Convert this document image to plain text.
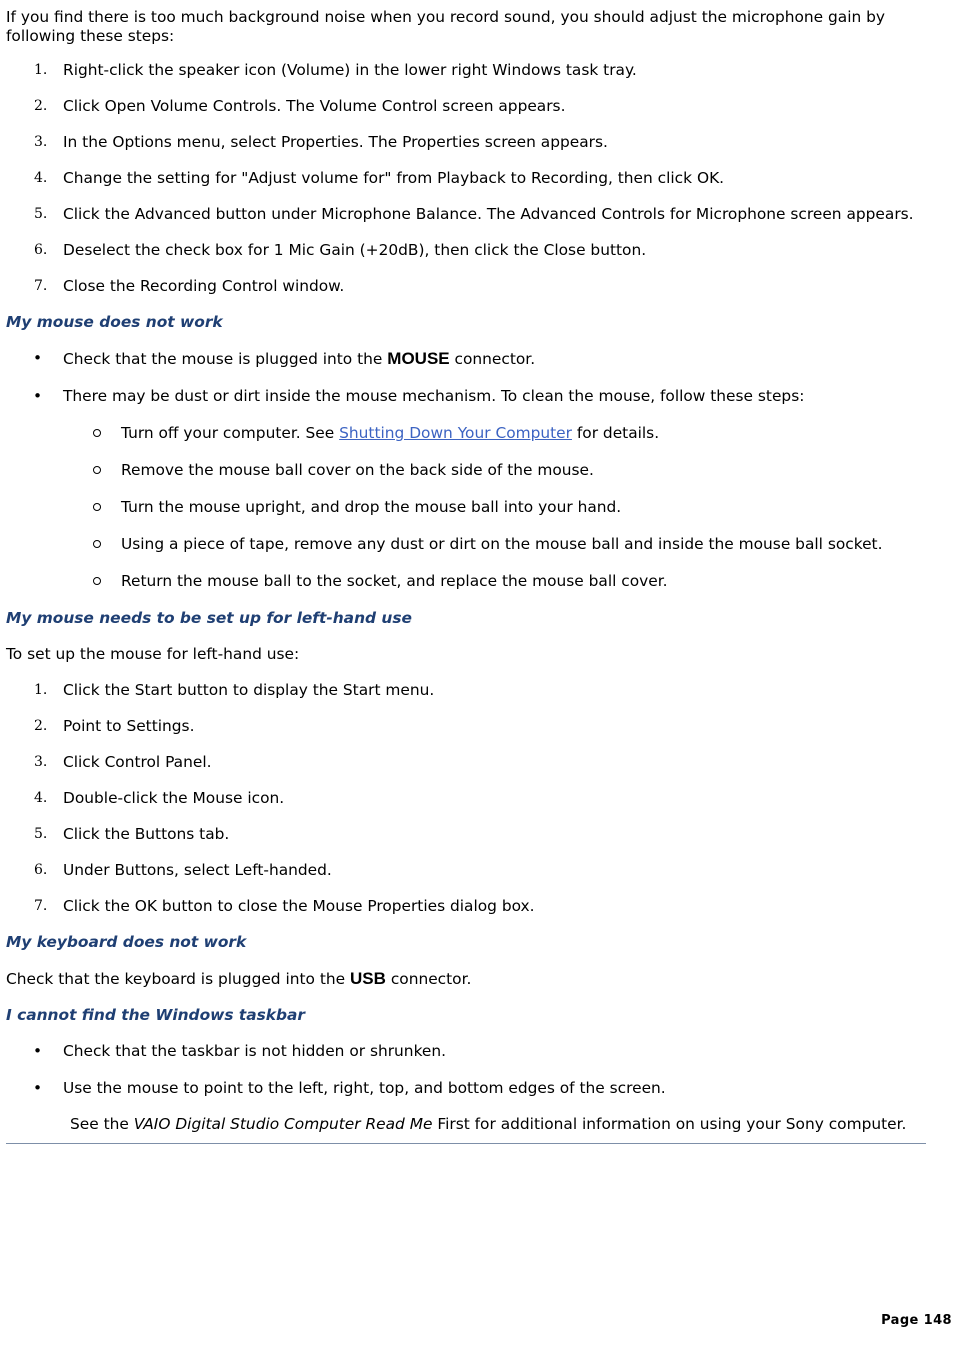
If you find there is too much background noise when you record sound, you should adjust the microphone gain by following these steps:

1. Right-click the speaker icon (Volume) in the lower right Windows task tray.
2. Click Open Volume Controls. The Volume Control screen appears.
3. In the Options menu, select Properties. The Properties screen appears.
4. Change the setting for "Adjust volume for" from Playback to Recording, then click OK.
5. Click the Advanced button under Microphone Balance. The Advanced Controls for Microphone screen appears.
6. Deselect the check box for 1 Mic Gain (+20dB), then click the Close button.
7. Close the Recording Control window.
My mouse does not work
• Check that the mouse is plugged into the MOUSE connector.
• There may be dust or dirt inside the mouse mechanism. To clean the mouse, follow these steps:
Turn off your computer. See Shutting Down Your Computer for details.
Remove the mouse ball cover on the back side of the mouse.
Turn the mouse upright, and drop the mouse ball into your hand.
Using a piece of tape, remove any dust or dirt on the mouse ball and inside the mouse ball socket.
Return the mouse ball to the socket, and replace the mouse ball cover.
My mouse needs to be set up for left-hand use

To set up the mouse for left-hand use:

1. Click the Start button to display the Start menu.
2. Point to Settings.
3. Click Control Panel.
4. Double-click the Mouse icon.
5. Click the Buttons tab.
6. Under Buttons, select Left-handed.
7. Click the OK button to close the Mouse Properties dialog box.
My keyboard does not work

Check that the keyboard is plugged into the USB connector.

I cannot find the Windows taskbar
• Check that the taskbar is not hidden or shrunken.
• Use the mouse to point to the left, right, top, and bottom edges of the screen.

See the VAIO Digital Studio Computer Read Me First for additional information on using your Sony computer.

Page 148
